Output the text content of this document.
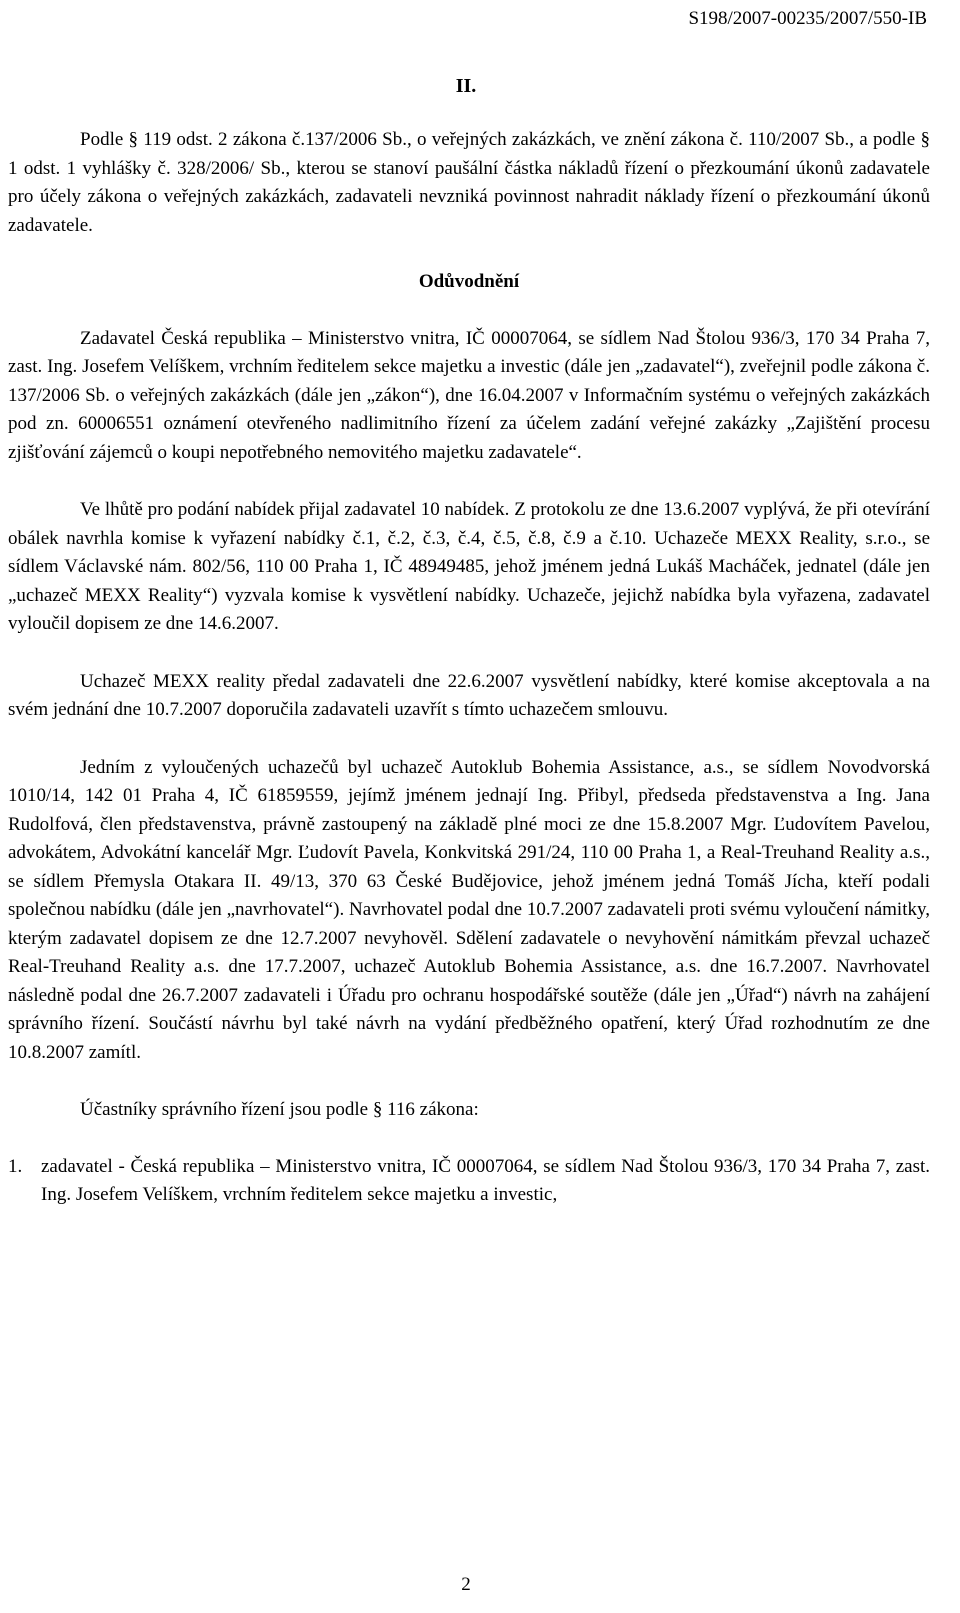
S198/2007-00235/2007/550-IB
II.

Podle § 119 odst. 2 zákona č.137/2006 Sb., o veřejných zakázkách, ve znění zákona č. 110/2007 Sb., a podle § 1 odst. 1 vyhlášky č. 328/2006/ Sb., kterou se stanoví paušální částka nákladů řízení o přezkoumání úkonů zadavatele pro účely zákona o veřejných zakázkách, zadavateli nevzniká povinnost nahradit náklady řízení o přezkoumání úkonů zadavatele.

Odůvodnění

Zadavatel Česká republika – Ministerstvo vnitra, IČ 00007064, se sídlem Nad Štolou 936/3, 170 34 Praha 7, zast. Ing. Josefem Velíškem, vrchním ředitelem sekce majetku a investic (dále jen „zadavatel“), zveřejnil podle zákona č. 137/2006 Sb. o veřejných zakázkách (dále jen „zákon“), dne 16.04.2007 v Informačním systému o veřejných zakázkách pod zn. 60006551 oznámení otevřeného nadlimitního řízení za účelem zadání veřejné zakázky „Zajištění procesu zjišťování zájemců o koupi nepotřebného nemovitého majetku zadavatele“.

Ve lhůtě pro podání nabídek přijal zadavatel 10 nabídek. Z protokolu ze dne 13.6.2007 vyplývá, že při otevírání obálek navrhla komise k vyřazení nabídky č.1, č.2, č.3, č.4, č.5, č.8, č.9 a č.10. Uchazeče MEXX Reality, s.r.o., se sídlem Václavské nám. 802/56, 110 00 Praha 1, IČ 48949485, jehož jménem jedná Lukáš Macháček, jednatel (dále jen „uchazeč MEXX Reality“) vyzvala komise k vysvětlení nabídky. Uchazeče, jejichž nabídka byla vyřazena, zadavatel vyloučil dopisem ze dne 14.6.2007.

Uchazeč MEXX reality předal zadavateli dne 22.6.2007 vysvětlení nabídky, které komise akceptovala a na svém jednání dne 10.7.2007 doporučila zadavateli uzavřít s tímto uchazečem smlouvu.

Jedním z vyloučených uchazečů byl uchazeč Autoklub Bohemia Assistance, a.s., se sídlem Novodvorská 1010/14, 142 01 Praha 4, IČ 61859559, jejímž jménem jednají Ing. Přibyl, předseda představenstva a Ing. Jana Rudolfová, člen představenstva, právně zastoupený na základě plné moci ze dne 15.8.2007 Mgr. Ľudovítem Pavelou, advokátem, Advokátní kancelář Mgr. Ľudovít Pavela, Konkvitská 291/24, 110 00 Praha 1, a Real-Treuhand Reality a.s., se sídlem Přemysla Otakara II. 49/13, 370 63 České Budějovice, jehož jménem jedná Tomáš Jícha, kteří podali společnou nabídku (dále jen „navrhovatel“). Navrhovatel podal dne 10.7.2007 zadavateli proti svému vyloučení námitky, kterým zadavatel dopisem ze dne 12.7.2007 nevyhověl. Sdělení zadavatele o nevyhovění námitkám převzal uchazeč Real-Treuhand Reality a.s. dne 17.7.2007, uchazeč Autoklub Bohemia Assistance, a.s. dne 16.7.2007. Navrhovatel následně podal dne 26.7.2007 zadavateli i Úřadu pro ochranu hospodářské soutěže (dále jen „Úřad“) návrh na zahájení správního řízení. Součástí návrhu byl také návrh na vydání předběžného opatření, který Úřad rozhodnutím ze dne 10.8.2007 zamítl.

Účastníky správního řízení jsou podle § 116 zákona:

1. zadavatel - Česká republika – Ministerstvo vnitra, IČ 00007064, se sídlem Nad Štolou 936/3, 170 34 Praha 7, zast. Ing. Josefem Velíškem, vrchním ředitelem sekce majetku a investic,
2
